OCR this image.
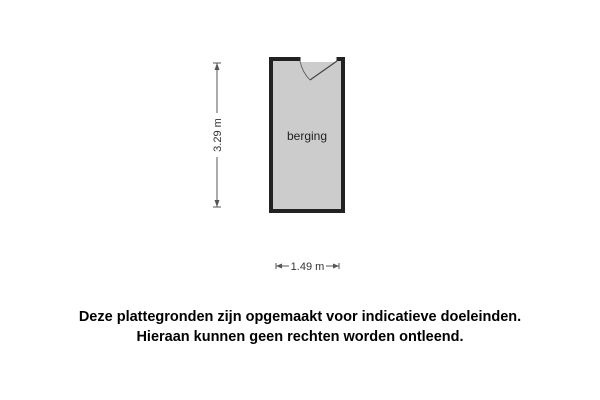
berging
3.29 m
1.49 m
Deze plattegronden zijn opgemaakt voor indicatieve doeleinden.
Hieraan kunnen geen rechten worden ontleend.
